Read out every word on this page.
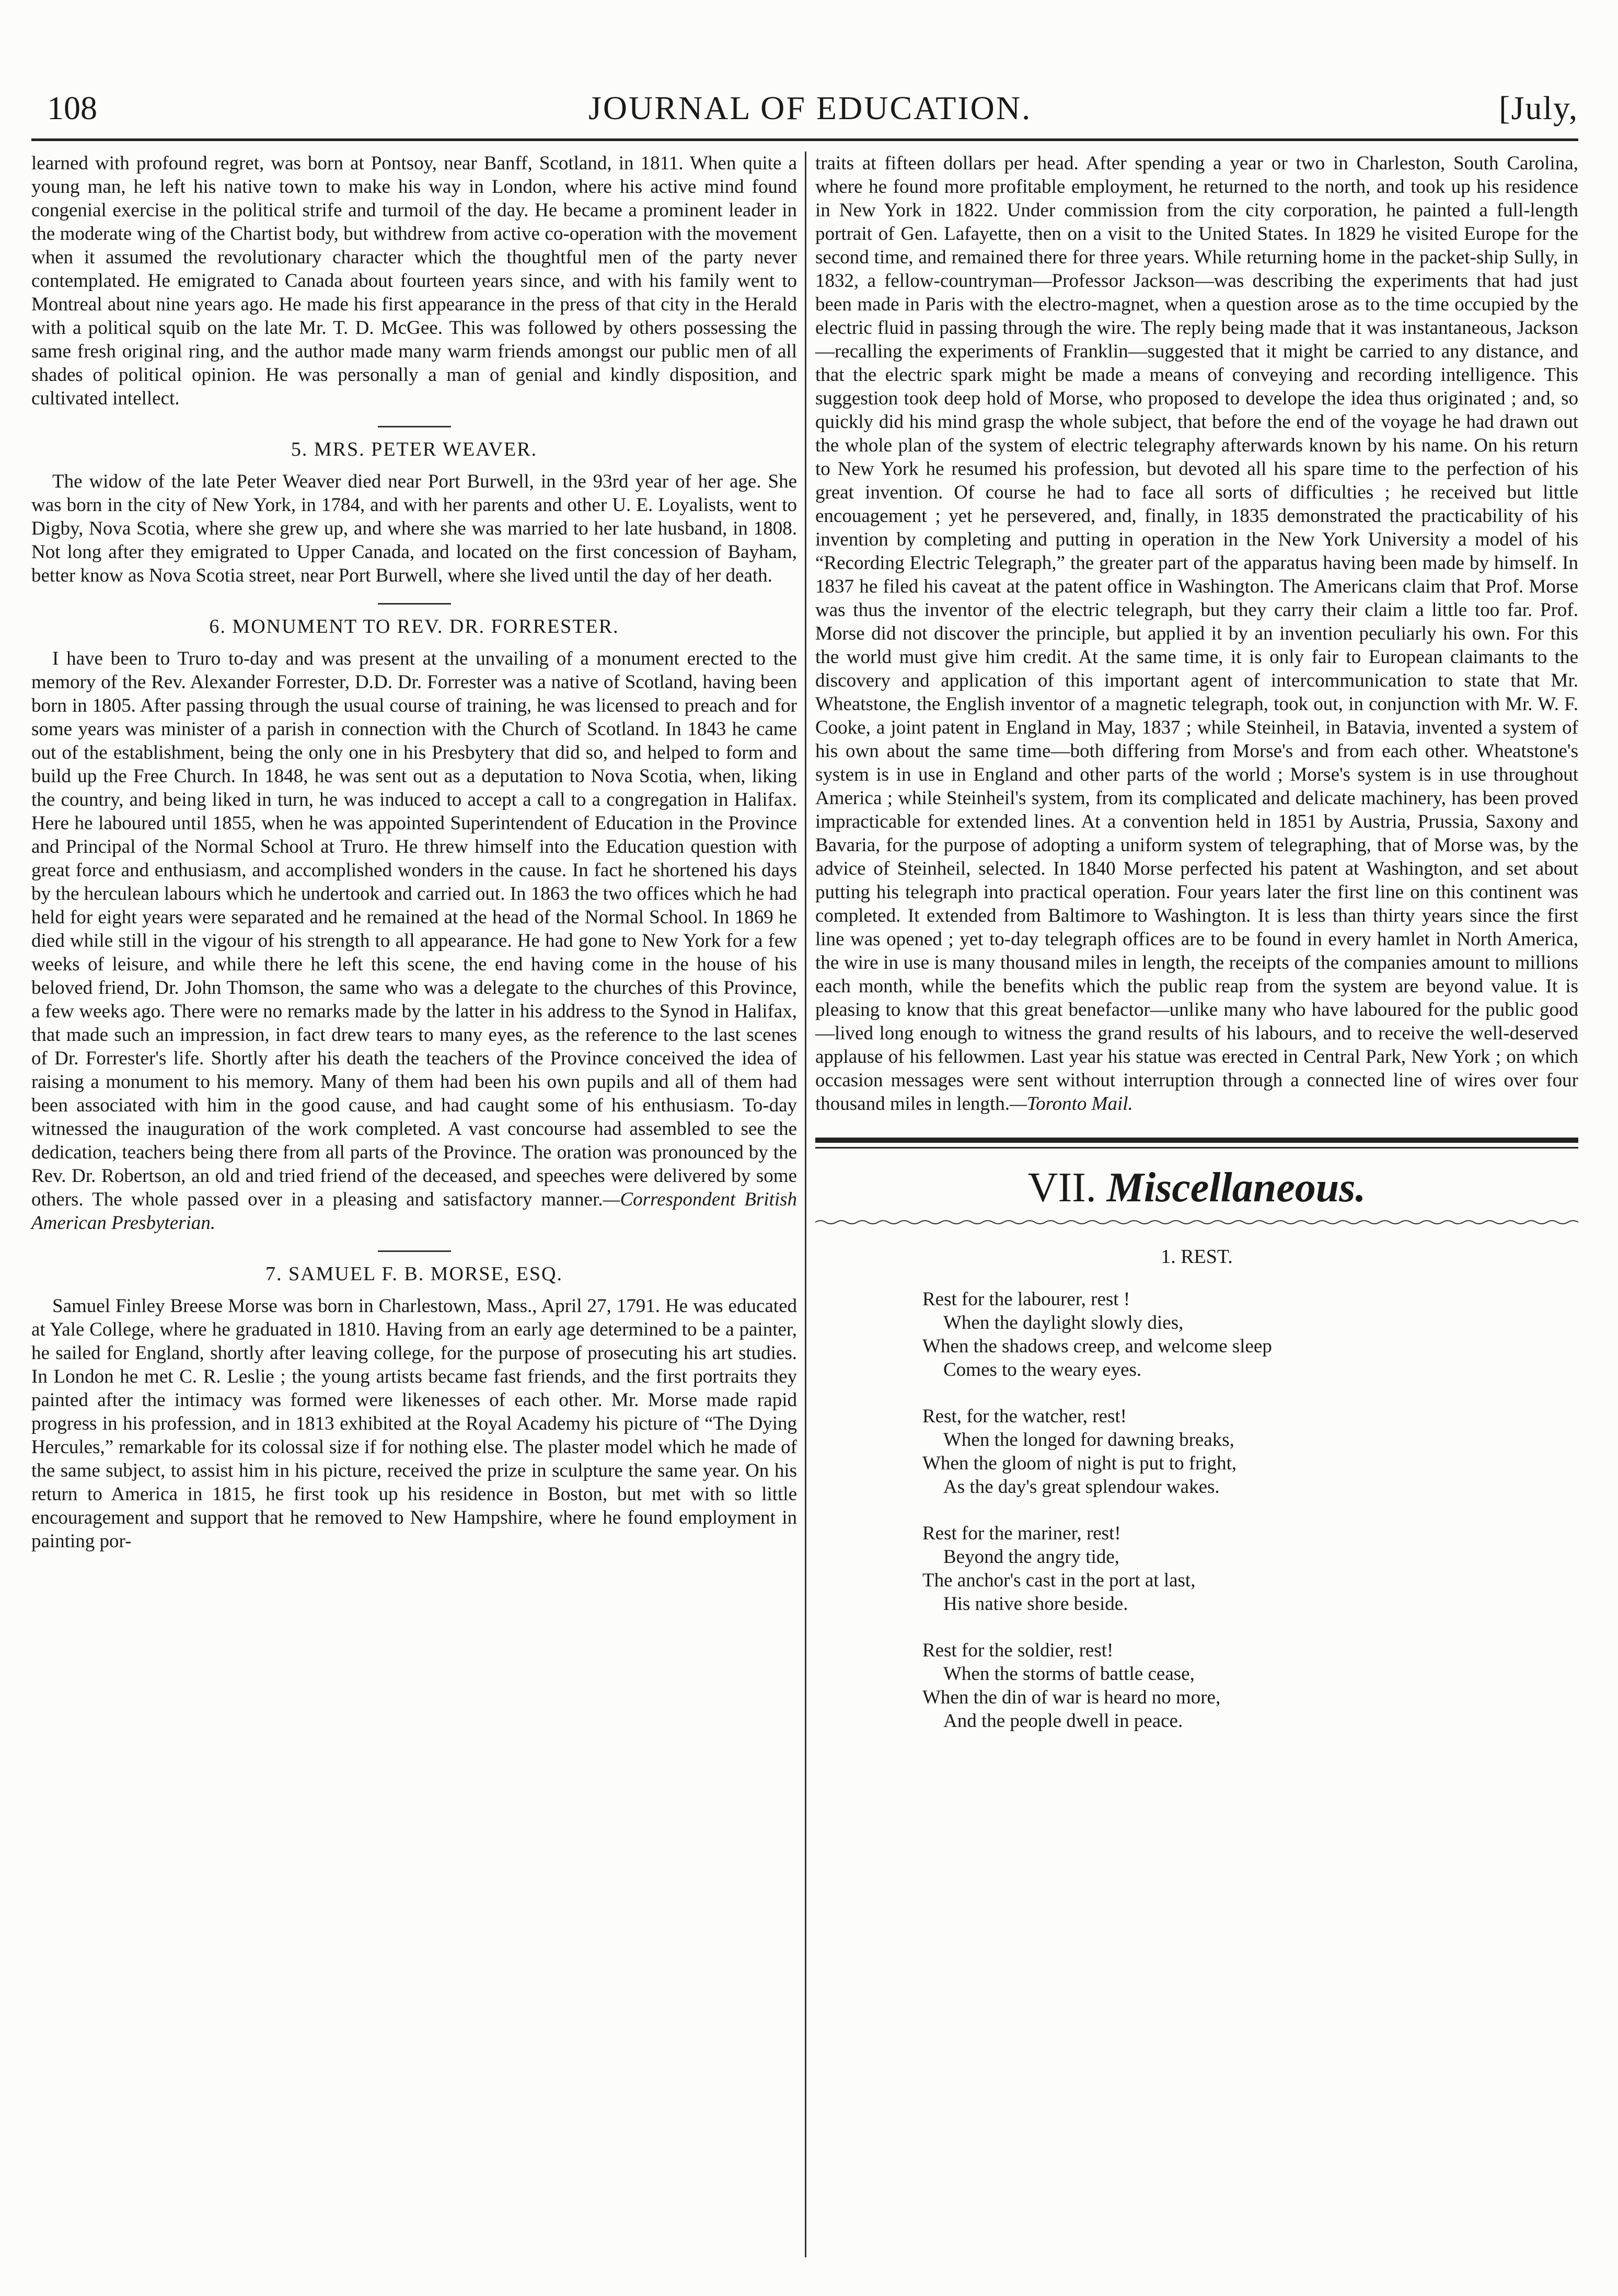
108	JOURNAL OF EDUCATION.	[July,

learned with profound regret, was born at Pontsoy, near Banff, Scotland, in 1811. When quite a young man, he left his native town to make his way in London, where his active mind found congenial exercise in the political strife and turmoil of the day. He became a prominent leader in the moderate wing of the Chartist body, but withdrew from active co-operation with the movement when it assumed the revolutionary character which the thoughtful men of the party never contemplated. He emigrated to Canada about fourteen years since, and with his family went to Montreal about nine years ago. He made his first appearance in the press of that city in the Herald with a political squib on the late Mr. T. D. McGee. This was followed by others possessing the same fresh original ring, and the author made many warm friends amongst our public men of all shades of political opinion. He was personally a man of genial and kindly disposition, and cultivated intellect.

5. MRS. PETER WEAVER.

The widow of the late Peter Weaver died near Port Burwell, in the 93rd year of her age. She was born in the city of New York, in 1784, and with her parents and other U. E. Loyalists, went to Digby, Nova Scotia, where she grew up, and where she was married to her late husband, in 1808. Not long after they emigrated to Upper Canada, and located on the first concession of Bayham, better know as Nova Scotia street, near Port Burwell, where she lived until the day of her death.

6. MONUMENT TO REV. DR. FORRESTER.

I have been to Truro to-day and was present at the unvailing of a monument erected to the memory of the Rev. Alexander Forrester, D.D. Dr. Forrester was a native of Scotland, having been born in 1805. After passing through the usual course of training, he was licensed to preach and for some years was minister of a parish in connection with the Church of Scotland. In 1843 he came out of the establishment, being the only one in his Presbytery that did so, and helped to form and build up the Free Church. In 1848, he was sent out as a deputation to Nova Scotia, when, liking the country, and being liked in turn, he was induced to accept a call to a congregation in Halifax. Here he laboured until 1855, when he was appointed Superintendent of Education in the Province and Principal of the Normal School at Truro. He threw himself into the Education question with great force and enthusiasm, and accomplished wonders in the cause. In fact he shortened his days by the herculean labours which he undertook and carried out. In 1863 the two offices which he had held for eight years were separated and he remained at the head of the Normal School. In 1869 he died while still in the vigour of his strength to all appearance. He had gone to New York for a few weeks of leisure, and while there he left this scene, the end having come in the house of his beloved friend, Dr. John Thomson, the same who was a delegate to the churches of this Province, a few weeks ago. There were no remarks made by the latter in his address to the Synod in Halifax, that made such an impression, in fact drew tears to many eyes, as the reference to the last scenes of Dr. Forrester's life. Shortly after his death the teachers of the Province conceived the idea of raising a monument to his memory. Many of them had been his own pupils and all of them had been associated with him in the good cause, and had caught some of his enthusiasm. To-day witnessed the inauguration of the work completed. A vast concourse had assembled to see the dedication, teachers being there from all parts of the Province. The oration was pronounced by the Rev. Dr. Robertson, an old and tried friend of the deceased, and speeches were delivered by some others. The whole passed over in a pleasing and satisfactory manner.—Correspondent British American Presbyterian.

7. SAMUEL F. B. MORSE, ESQ.

Samuel Finley Breese Morse was born in Charlestown, Mass., April 27, 1791. He was educated at Yale College, where he graduated in 1810. Having from an early age determined to be a painter, he sailed for England, shortly after leaving college, for the purpose of prosecuting his art studies. In London he met C. R. Leslie ; the young artists became fast friends, and the first portraits they painted after the intimacy was formed were likenesses of each other. Mr. Morse made rapid progress in his profession, and in 1813 exhibited at the Royal Academy his picture of “The Dying Hercules,” remarkable for its colossal size if for nothing else. The plaster model which he made of the same subject, to assist him in his picture, received the prize in sculpture the same year. On his return to America in 1815, he first took up his residence in Boston, but met with so little encouragement and support that he removed to New Hampshire, where he found employment in painting por-

traits at fifteen dollars per head. After spending a year or two in Charleston, South Carolina, where he found more profitable employment, he returned to the north, and took up his residence in New York in 1822. Under commission from the city corporation, he painted a full-length portrait of Gen. Lafayette, then on a visit to the United States. In 1829 he visited Europe for the second time, and remained there for three years. While returning home in the packet-ship Sully, in 1832, a fellow-countryman—Professor Jackson—was describing the experiments that had just been made in Paris with the electro-magnet, when a question arose as to the time occupied by the electric fluid in passing through the wire. The reply being made that it was instantaneous, Jackson—recalling the experiments of Franklin—suggested that it might be carried to any distance, and that the electric spark might be made a means of conveying and recording intelligence. This suggestion took deep hold of Morse, who proposed to develope the idea thus originated ; and, so quickly did his mind grasp the whole subject, that before the end of the voyage he had drawn out the whole plan of the system of electric telegraphy afterwards known by his name. On his return to New York he resumed his profession, but devoted all his spare time to the perfection of his great invention. Of course he had to face all sorts of difficulties ; he received but little encouagement ; yet he persevered, and, finally, in 1835 demonstrated the practicability of his invention by completing and putting in operation in the New York University a model of his “Recording Electric Telegraph,” the greater part of the apparatus having been made by himself. In 1837 he filed his caveat at the patent office in Washington. The Americans claim that Prof. Morse was thus the inventor of the electric telegraph, but they carry their claim a little too far. Prof. Morse did not discover the principle, but applied it by an invention peculiarly his own. For this the world must give him credit. At the same time, it is only fair to European claimants to the discovery and application of this important agent of intercommunication to state that Mr. Wheatstone, the English inventor of a magnetic telegraph, took out, in conjunction with Mr. W. F. Cooke, a joint patent in England in May, 1837 ; while Steinheil, in Batavia, invented a system of his own about the same time—both differing from Morse's and from each other. Wheatstone's system is in use in England and other parts of the world ; Morse's system is in use throughout America ; while Steinheil's system, from its complicated and delicate machinery, has been proved impracticable for extended lines. At a convention held in 1851 by Austria, Prussia, Saxony and Bavaria, for the purpose of adopting a uniform system of telegraphing, that of Morse was, by the advice of Steinheil, selected. In 1840 Morse perfected his patent at Washington, and set about putting his telegraph into practical operation. Four years later the first line on this continent was completed. It extended from Baltimore to Washington. It is less than thirty years since the first line was opened ; yet to-day telegraph offices are to be found in every hamlet in North America, the wire in use is many thousand miles in length, the receipts of the companies amount to millions each month, while the benefits which the public reap from the system are beyond value. It is pleasing to know that this great benefactor—unlike many who have laboured for the public good—lived long enough to witness the grand results of his labours, and to receive the well-deserved applause of his fellowmen. Last year his statue was erected in Central Park, New York ; on which occasion messages were sent without interruption through a connected line of wires over four thousand miles in length.—Toronto Mail.

VII. Miscellaneous.
1. REST.
Rest for the labourer, rest !
When the daylight slowly dies,
When the shadows creep, and welcome sleep
Comes to the weary eyes.
Rest, for the watcher, rest!
When the longed for dawning breaks,
When the gloom of night is put to fright,
As the day's great splendour wakes.
Rest for the mariner, rest!
Beyond the angry tide,
The anchor's cast in the port at last,
His native shore beside.
Rest for the soldier, rest!
When the storms of battle cease,
When the din of war is heard no more,
And the people dwell in peace.
